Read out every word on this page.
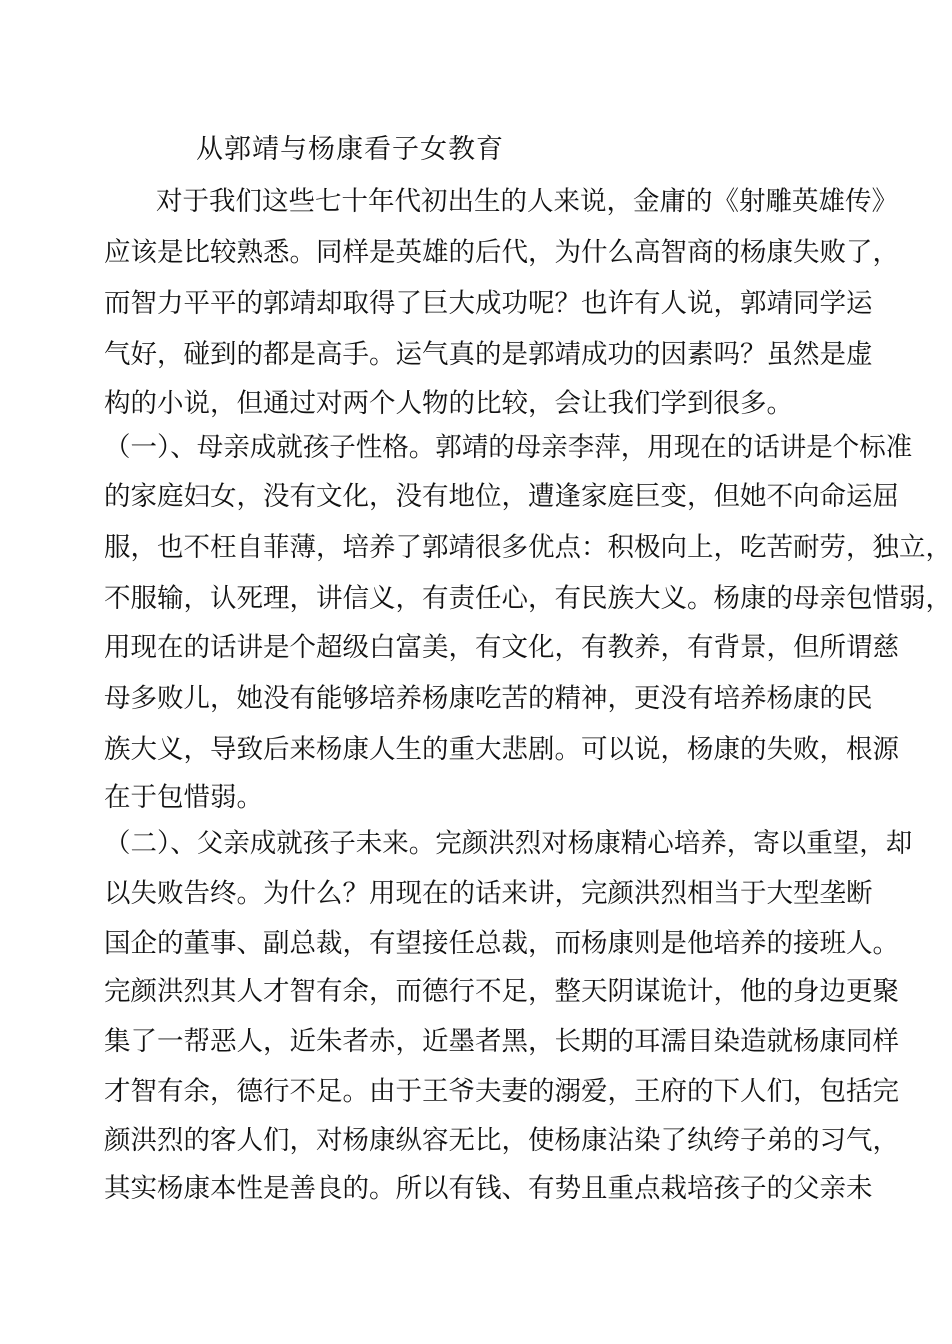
从郭靖与杨康看子女教育
对于我们这些七十年代初出生的人来说，金庸的《射雕英雄传》
应该是比较熟悉。同样是英雄的后代，为什么高智商的杨康失败了，
而智力平平的郭靖却取得了巨大成功呢？也许有人说，郭靖同学运
气好，碰到的都是高手。运气真的是郭靖成功的因素吗？虽然是虚
构的小说，但通过对两个人物的比较，会让我们学到很多。
（一）、母亲成就孩子性格。郭靖的母亲李萍，用现在的话讲是个标准
的家庭妇女，没有文化，没有地位，遭逢家庭巨变，但她不向命运屈
服，也不枉自菲薄，培养了郭靖很多优点：积极向上，吃苦耐劳，独立，
不服输，认死理，讲信义，有责任心，有民族大义。杨康的母亲包惜弱，
用现在的话讲是个超级白富美，有文化，有教养，有背景，但所谓慈
母多败儿，她没有能够培养杨康吃苦的精神，更没有培养杨康的民
族大义，导致后来杨康人生的重大悲剧。可以说，杨康的失败，根源
在于包惜弱。
（二）、父亲成就孩子未来。完颜洪烈对杨康精心培养，寄以重望，却
以失败告终。为什么？用现在的话来讲，完颜洪烈相当于大型垄断
国企的董事、副总裁，有望接任总裁，而杨康则是他培养的接班人。
完颜洪烈其人才智有余，而德行不足，整天阴谋诡计，他的身边更聚
集了一帮恶人，近朱者赤，近墨者黑，长期的耳濡目染造就杨康同样
才智有余，德行不足。由于王爷夫妻的溺爱，王府的下人们，包括完
颜洪烈的客人们，对杨康纵容无比，使杨康沾染了纨绔子弟的习气，
其实杨康本性是善良的。所以有钱、有势且重点栽培孩子的父亲未
